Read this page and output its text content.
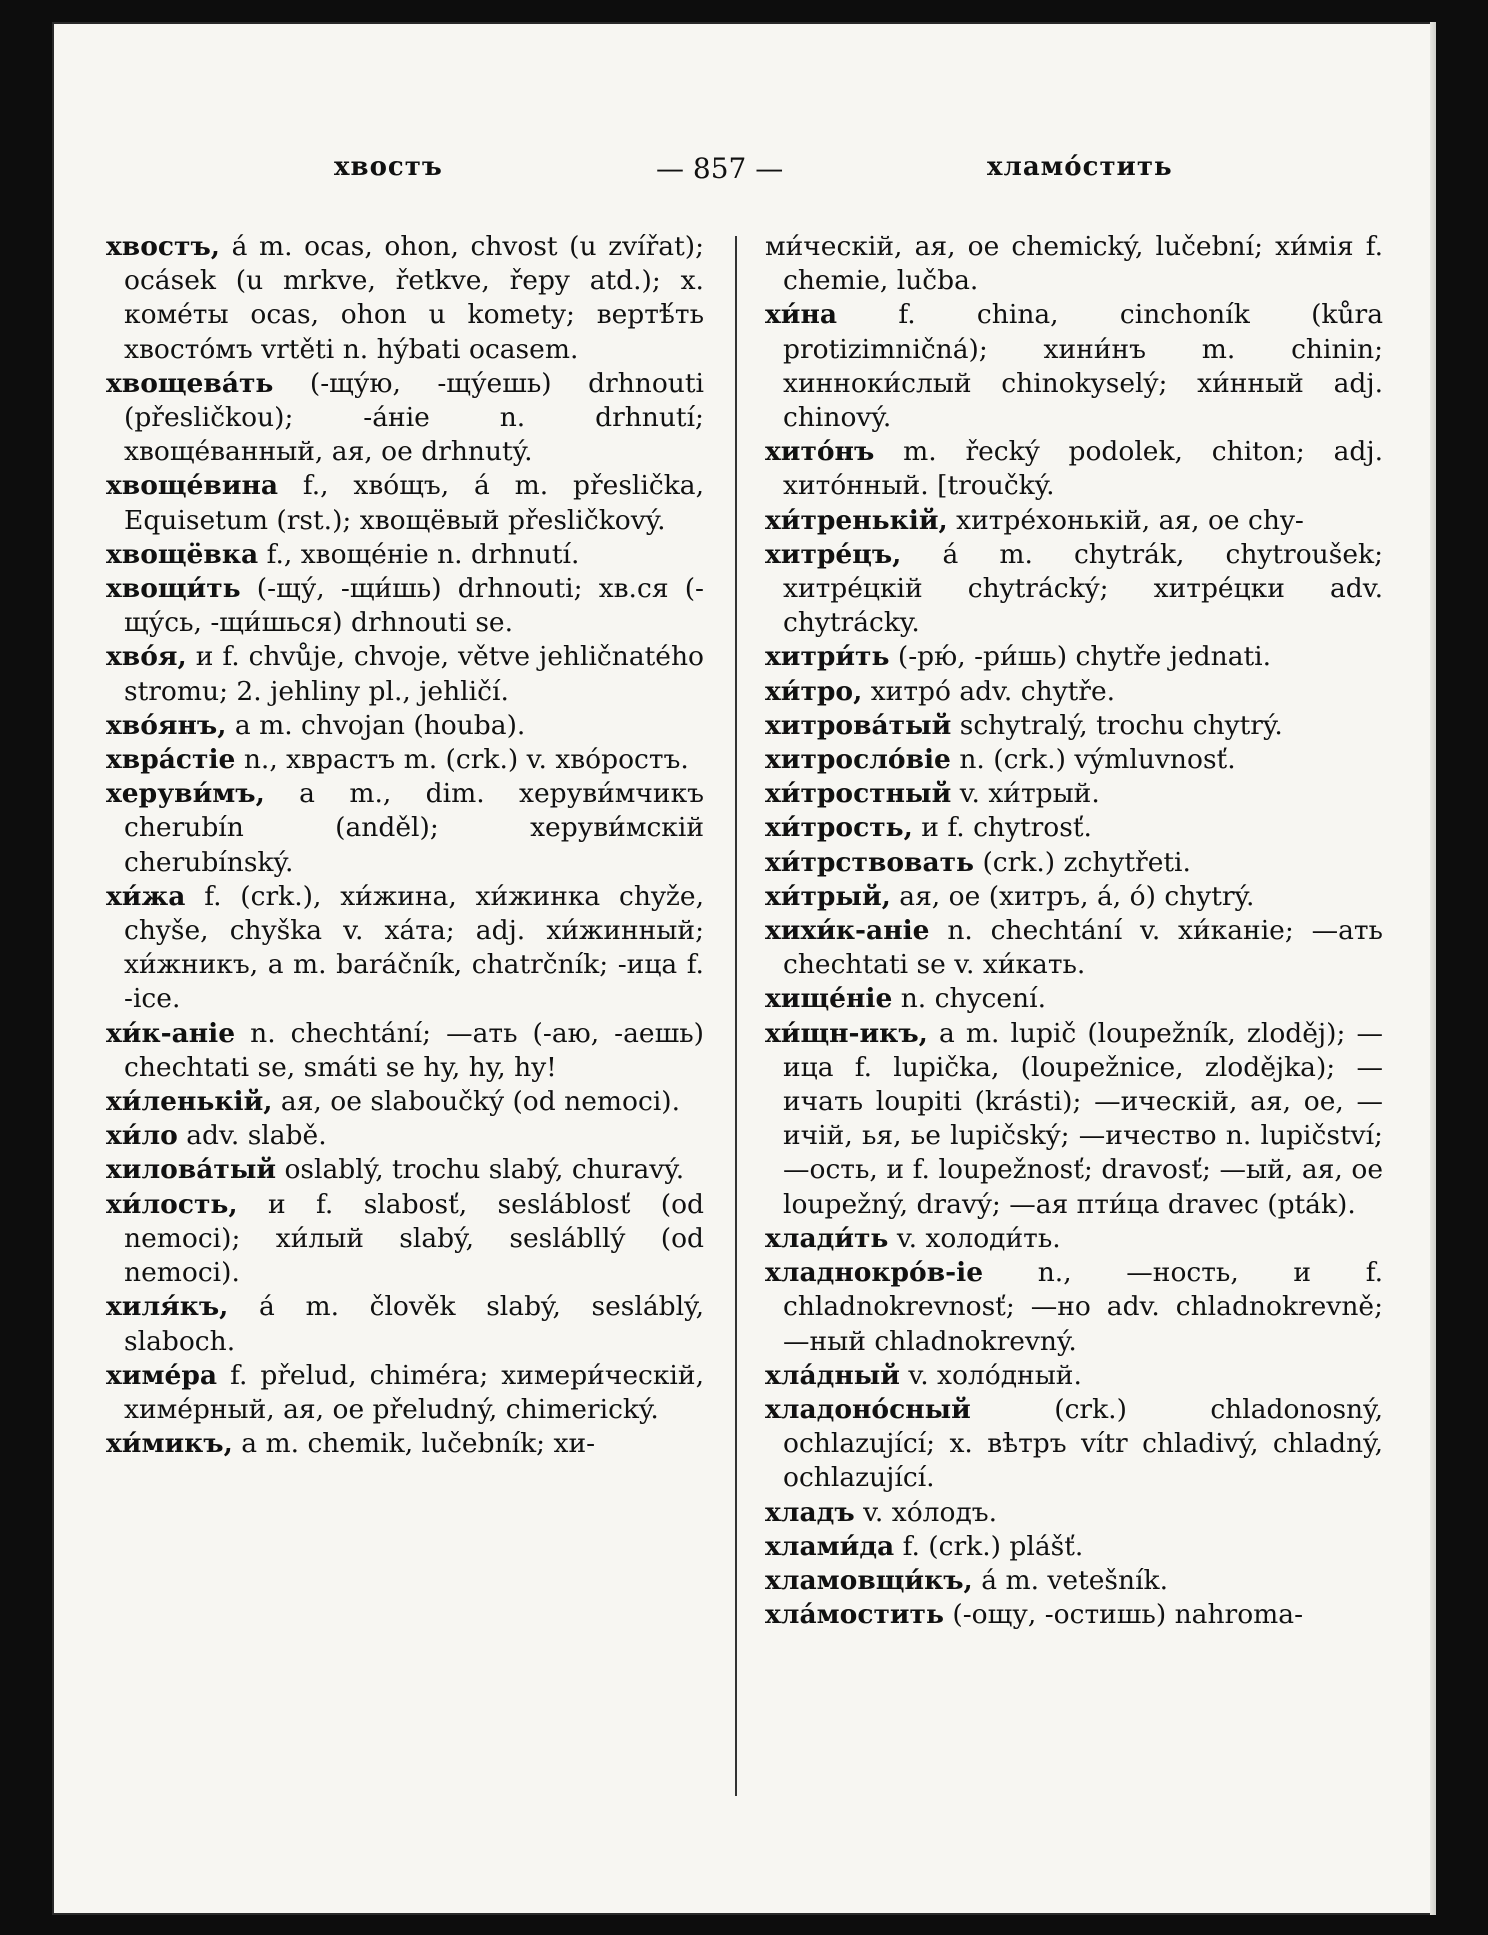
хвостъ	— 857 —	хламо́стить

хвостъ, á m. ocas, ohon, chvost (u zvířat); ocásek (u mrkve, řetkve, řepy atd.); х. коме́ты ocas, ohon u komety; вертѣ́ть хвосто́мъ vrtěti n. hýbati ocasem.

хвощева́ть (-щу́ю, -щу́ешь) drhnouti (přesličkou); -áнie n. drhnutí; хвоще́ванный, ая, ое drhnutý.

хвоще́вина f., хво́щъ, á m. přeslička, Equisetum (rst.); хвощёвый přesličkový.

хвощёвка f., хвоще́нie n. drhnutí.

хвощи́ть (-щу́, -щи́шь) drhnouti; хв.ся (-щу́сь, -щи́шься) drhnouti se.

хво́я, и f. chvůje, chvoje, větve jehličnatého stromu; 2. jehliny pl., jehličí.

хво́янъ, а m. chvojan (houba).

хвра́стie n., хврастъ m. (crk.) v. хво́ростъ.

херуви́мъ, а m., dim. херуви́мчикъ cherubín (anděl); херуви́мскiй cherubínský.

хи́жа f. (crk.), хи́жина, хи́жинка chyže, chyše, chyška v. ха́та; adj. хи́жинный; хи́жникъ, а m. baráčník, chatrčník; -ица f. -ice.

хи́к-анie n. chechtání; —ать (-аю, -аешь) chechtati se, smáti se hy, hy, hy!

хи́ленькiй, ая, ое slaboučký (od nemoci).

хи́ло adv. slabě.

хилова́тый oslablý, trochu slabý, churavý.

хи́лость, и f. slabosť, sesláblosť (od nemoci); хи́лый slabý, seslábllý (od nemoci).

хиля́къ, á m. člověk slabý, sesláblý, slaboch.

химе́ра f. přelud, chiméra; химери́ческiй, химе́рный, ая, ое přeludný, chimerický.

хи́микъ, а m. chemik, lučebník; хи-

ми́ческiй, ая, ое chemický, lučební; хи́мiя f. chemie, lučba.

хи́на f. china, cinchoník (kůra protizimničná); хини́нъ m. chinin; хинноки́слый chinokyselý; хи́нный adj. chinový.

хито́нъ m. řecký podolek, chiton; adj. хито́нный. [troučký.

хи́тренькiй, хитре́хонькiй, ая, ое chy-

хитре́цъ, á m. chytrák, chytroušek; хитре́цкiй chytrácký; хитре́цки adv. chytrácky.

хитри́ть (-рю́, -ри́шь) chytře jednati.

хи́тро, хитро́ adv. chytře.

хитрова́тый schytralý, trochu chytrý.

хитросло́вie n. (crk.) výmluvnosť.

хи́тростный v. хи́трый.

хи́трость, и f. chytrosť.

хи́трствовать (crk.) zchytřeti.

хи́трый, ая, ое (хитръ, á, ó) chytrý.

хихи́к-анie n. chechtání v. хи́канie; —ать chechtati se v. хи́кать.

хище́нie n. chycení.

хи́щн-икъ, а m. lupič (loupežník, zloděj); —ица f. lupička, (loupežnice, zlodějka); —ичать loupiti (krásti); —ическiй, ая, ое, —ичiй, ья, ье lupičský; —ичество n. lupičství; —ость, и f. loupežnosť; dravosť; —ый, ая, ое loupežný, dravý; —ая пти́ца dravec (pták).

хлади́ть v. холоди́ть.

хладнокро́в-ie n., —ность, и f. chladnokrevnosť; —но adv. chladnokrevně; —ный chladnokrevný.

хла́дный v. холо́дный.

хладоно́сный (crk.) chladonosný, ochlazující; х. вѣтръ vítr chladivý, chladný, ochlazující.

хладъ v. хо́лодъ.

хлами́да f. (crk.) plášť.

хламовщи́къ, á m. vetešník.

хла́мостить (-ощу, -остишь) nahroma-
